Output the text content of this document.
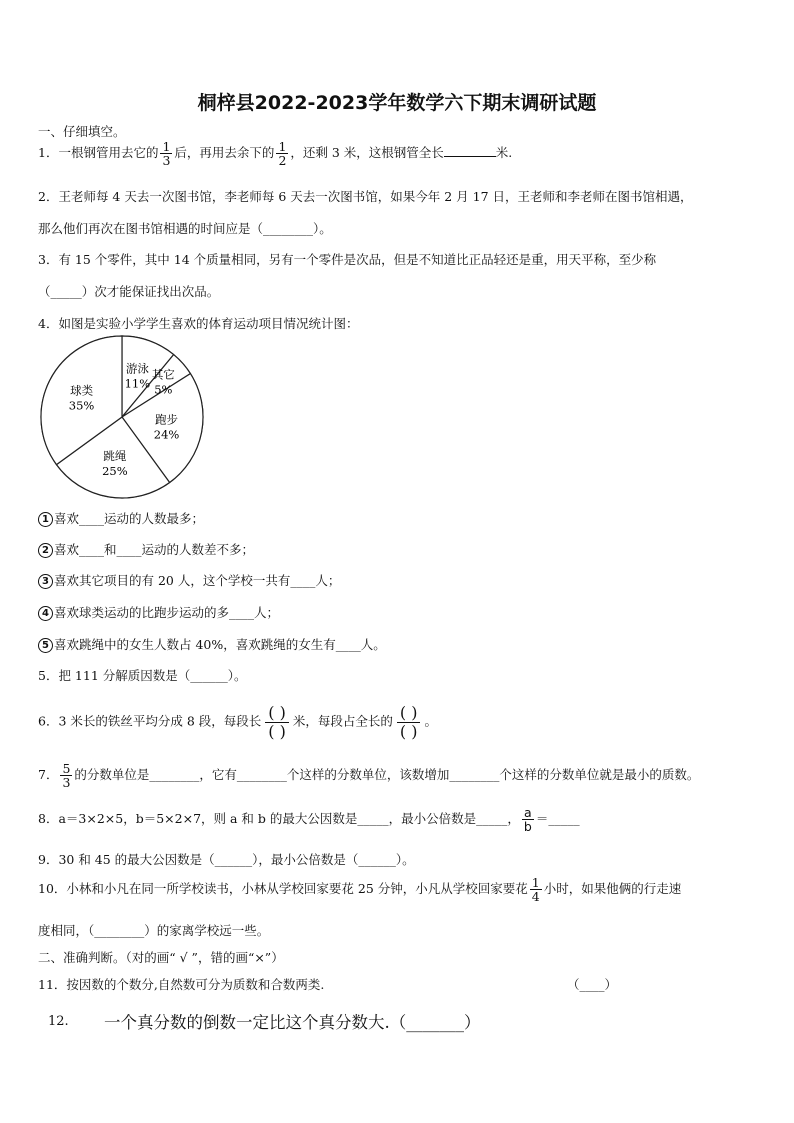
桐梓县2022-2023学年数学六下期末调研试题
一、仔细填空。
1．一根钢管用去它的 $\frac{1}{3}$ 后，再用去余下的 $\frac{1}{2}$ ，还剩 3 米，这根钢管全长	米.
2．王老师每 4 天去一次图书馆，李老师每 6 天去一次图书馆，如果今年 2 月 17 日，王老师和李老师在图书馆相遇，
那么他们再次在图书馆相遇的时间应是（________）。
3．有 15 个零件，其中 14 个质量相同，另有一个零件是次品，但是不知道比正品轻还是重，用天平称，至少称
（_____）次才能保证找出次品。
4．如图是实验小学学生喜欢的体育运动项目情况统计图：
游泳
11%
其它
5%
跑步
24%
跳绳
25%
球类
35%
1 喜欢____运动的人数最多；
2 喜欢____和____运动的人数差不多；
3 喜欢其它项目的有 20 人，这个学校一共有____人；
4 喜欢球类运动的比跑步运动的多____人；
5 喜欢跳绳中的女生人数占 40%，喜欢跳绳的女生有____人。
5．把 111 分解质因数是（______）。
6．3 米长的铁丝平均分成 8 段，每段长 ( )
( )
米，每段占全长的 ( )
( )
。
7． $\frac{5}{3}$ 的分数单位是________，它有________个这样的分数单位，该数增加________个这样的分数单位就是最小的质数。
8．a＝3×2×5，b＝5×2×7，则 a 和 b 的最大公因数是_____，最小公倍数是_____， $\frac{a}{b}$ ＝_____
9．30 和 45 的最大公因数是（______），最小公倍数是（______）。
10．小林和小凡在同一所学校读书，小林从学校回家要花 25 分钟，小凡从学校回家要花 $\frac{1}{4}$ 小时，如果他俩的行走速
度相同，（________）的家离学校远一些。
二、准确判断。（对的画“ √ ”，错的画“×”）
11．按因数的个数分,自然数可分为质数和合数两类.	（____）
12. 一个真分数的倒数一定比这个真分数大.（_______）
